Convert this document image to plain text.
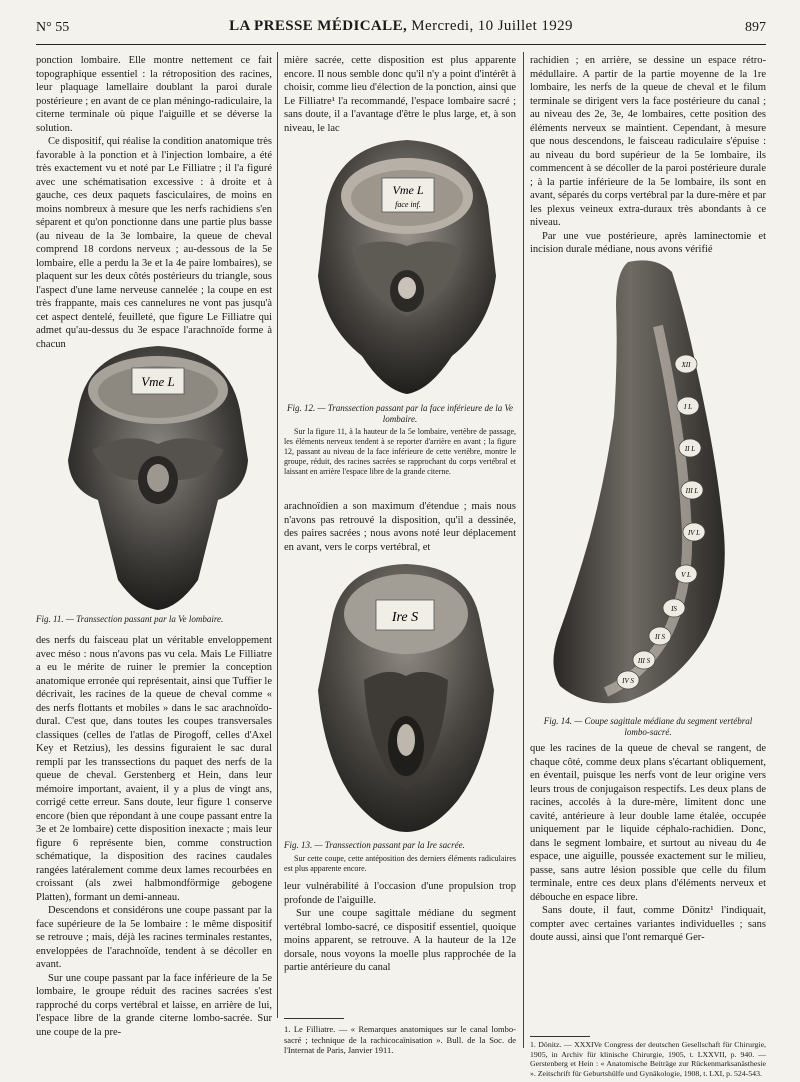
N° 55	LA PRESSE MÉDICALE, Mercredi, 10 Juillet 1929	897

ponction lombaire. Elle montre nettement ce fait topographique essentiel : la rétroposition des racines, leur plaquage lamellaire doublant la paroi durale postérieure ; en avant de ce plan méningo-radiculaire, la citerne terminale où pique l'aiguille et se déverse la solution.

Ce dispositif, qui réalise la condition anatomique très favorable à la ponction et à l'injection lombaire, a été très exactement vu et noté par Le Filliatre ; il l'a figuré avec une schématisation excessive : à droite et à gauche, ces deux paquets fasciculaires, de moins en moins nombreux à mesure que les nerfs rachidiens s'en séparent et qu'on ponctionne dans une partie plus basse (au niveau de la 3e lombaire, la queue de cheval comprend 18 cordons nerveux ; au-dessous de la 5e lombaire, elle a perdu la 3e et la 4e paire lombaires), se plaquent sur les deux côtés postérieurs du triangle, sous l'aspect d'une lame nerveuse cannelée ; la coupe en est très frappante, mais ces cannelures ne vont pas jusqu'à cet aspect dentelé, feuilleté, que figure Le Filliatre qui admet qu'au-dessus du 3e espace l'arachnoïde forme à chacun

Vme L
Fig. 11. — Transsection passant par la Ve lombaire.

des nerfs du faisceau plat un véritable enveloppement avec méso : nous n'avons pas vu cela. Mais Le Filliatre a eu le mérite de ruiner le premier la conception anatomique erronée qui représentait, ainsi que Tuffier le décrivait, les racines de la queue de cheval comme « des nerfs flottants et mobiles » dans le sac arachnoïdo-dural. C'est que, dans toutes les coupes transversales classiques (celles de l'atlas de Pirogoff, celles d'Axel Key et Retzius), les dessins figuraient le sac dural rempli par les transsections du paquet des nerfs de la queue de cheval. Gerstenberg et Hein, dans leur mémoire important, avaient, il y a plus de vingt ans, corrigé cette erreur. Sans doute, leur figure 1 conserve encore (bien que répondant à une coupe passant entre la 3e et 2e lombaire) cette disposition inexacte ; mais leur figure 6 représente bien, comme construction schématique, la disposition des racines caudales rangées latéralement comme deux lames recourbées en croissant (als zwei halbmondförmige gebogene Platten), formant un demi-anneau.

Descendons et considérons une coupe passant par la face supérieure de la 5e lombaire : le même dispositif se retrouve ; mais, déjà les racines terminales restantes, enveloppées de l'arachnoïde, tendent à se décoller en avant.

Sur une coupe passant par la face inférieure de la 5e lombaire, le groupe réduit des racines sacrées s'est rapproché du corps vertébral et laisse, en arrière de lui, l'espace libre de la grande citerne lombo-sacrée. Sur une coupe de la pre-

mière sacrée, cette disposition est plus apparente encore. Il nous semble donc qu'il n'y a point d'intérêt à choisir, comme lieu d'élection de la ponction, ainsi que Le Filliatre¹ l'a recommandé, l'espace lombaire sacré ; sans doute, il a l'avantage d'être le plus large, et, à son niveau, le lac

Vme L
face inf.
Fig. 12. — Transsection passant par la face inférieure de la Ve lombaire.

Sur la figure 11, à la hauteur de la 5e lombaire, vertèbre de passage, les éléments nerveux tendent à se reporter d'arrière en avant ; la figure 12, passant au niveau de la face inférieure de cette vertèbre, montre le groupe, réduit, des racines sacrées se rapprochant du corps vertébral et laissant en arrière l'espace libre de la grande citerne.

arachnoïdien a son maximum d'étendue ; mais nous n'avons pas retrouvé la disposition, qu'il a dessinée, des paires sacrées ; nous avons noté leur déplacement en avant, vers le corps vertébral, et

Ire S
Fig. 13. — Transsection passant par la Ire sacrée.

Sur cette coupe, cette antéposition des derniers éléments radiculaires est plus apparente encore.

leur vulnérabilité à l'occasion d'une propulsion trop profonde de l'aiguille.

Sur une coupe sagittale médiane du segment vertébral lombo-sacré, ce dispositif essentiel, quoique moins apparent, se retrouve. A la hauteur de la 12e dorsale, nous voyons la moelle plus rapprochée de la partie antérieure du canal

1. Le Filliatre. — « Remarques anatomiques sur le canal lombo-sacré ; technique de la rachicocaïnisation ». Bull. de la Soc. de l'Internat de Paris, Janvier 1911.

rachidien ; en arrière, se dessine un espace rétro-médullaire. A partir de la partie moyenne de la 1re lombaire, les nerfs de la queue de cheval et le filum terminale se dirigent vers la face postérieure du canal ; au niveau des 2e, 3e, 4e lombaires, cette position des éléments nerveux se maintient. Cependant, à mesure que nous descendons, le faisceau radiculaire s'épuise : au niveau du bord supérieur de la 5e lombaire, ils commencent à se décoller de la paroi postérieure durale ; à la partie inférieure de la 5e lombaire, ils sont en avant, séparés du corps vertébral par la dure-mère et par les plexus veineux extra-duraux très abondants à ce niveau.

Par une vue postérieure, après laminectomie et incision durale médiane, nous avons vérifié

XII
I L
II L
III L
IV L
V L
IS
II S
III S
IV S
Fig. 14. — Coupe sagittale médiane du segment vertébral lombo-sacré.

que les racines de la queue de cheval se rangent, de chaque côté, comme deux plans s'écartant obliquement, en éventail, puisque les nerfs vont de leur origine vers leurs trous de conjugaison respectifs. Les deux plans de racines, accolés à la dure-mère, limitent donc une cavité, antérieure à leur double lame étalée, occupée uniquement par le liquide céphalo-rachidien. Donc, dans le segment lombaire, et surtout au niveau du 4e espace, une aiguille, poussée exactement sur le milieu, passe, sans autre lésion possible que celle du filum terminale, entre ces deux plans d'éléments nerveux et débouche en espace libre.

Sans doute, il faut, comme Dönitz¹ l'indiquait, compter avec certaines variantes individuelles ; sans doute aussi, ainsi que l'ont remarqué Ger-

1. Dönitz. — XXXIVe Congress der deutschen Gesellschaft für Chirurgie, 1905, in Archiv für klinische Chirurgie, 1905, t. LXXVII, p. 940. — Gerstenberg et Hein : « Anatomische Beiträge zur Rückenmarksanästhesie ». Zeitschrift für Geburtshülfe und Gynäkologie, 1908, t. LXI, p. 524-543.
